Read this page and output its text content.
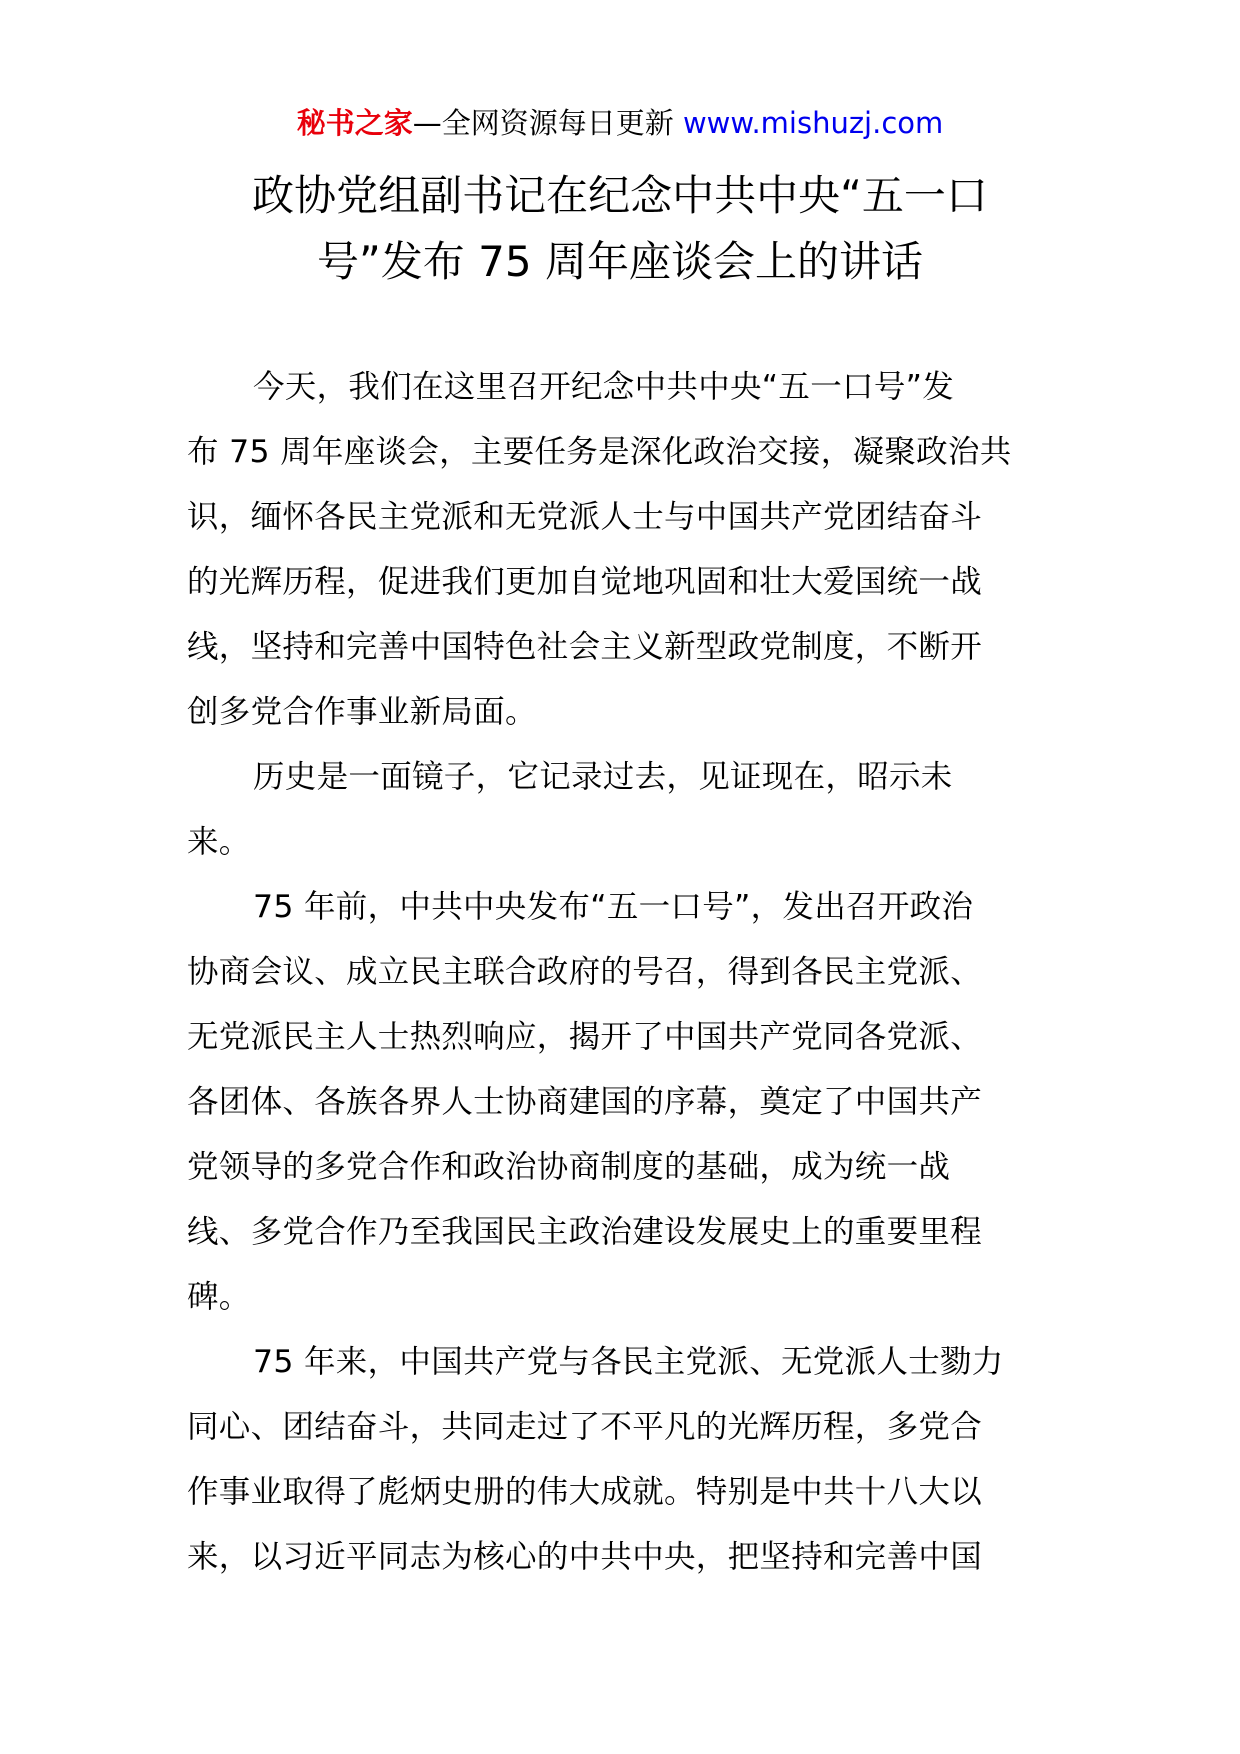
秘书之家—全网资源每日更新 www.mishuzj.com
政协党组副书记在纪念中共中央“五一口
号”发布 75 周年座谈会上的讲话

今天，我们在这里召开纪念中共中央“五一口号”发
布 75 周年座谈会，主要任务是深化政治交接，凝聚政治共
识，缅怀各民主党派和无党派人士与中国共产党团结奋斗
的光辉历程，促进我们更加自觉地巩固和壮大爱国统一战
线，坚持和完善中国特色社会主义新型政党制度，不断开
创多党合作事业新局面。

历史是一面镜子，它记录过去，见证现在，昭示未
来。

75 年前，中共中央发布“五一口号”，发出召开政治
协商会议、成立民主联合政府的号召，得到各民主党派、
无党派民主人士热烈响应，揭开了中国共产党同各党派、
各团体、各族各界人士协商建国的序幕，奠定了中国共产
党领导的多党合作和政治协商制度的基础，成为统一战
线、多党合作乃至我国民主政治建设发展史上的重要里程
碑。

75 年来，中国共产党与各民主党派、无党派人士勠力
同心、团结奋斗，共同走过了不平凡的光辉历程，多党合
作事业取得了彪炳史册的伟大成就。特别是中共十八大以
来，以习近平同志为核心的中共中央，把坚持和完善中国
